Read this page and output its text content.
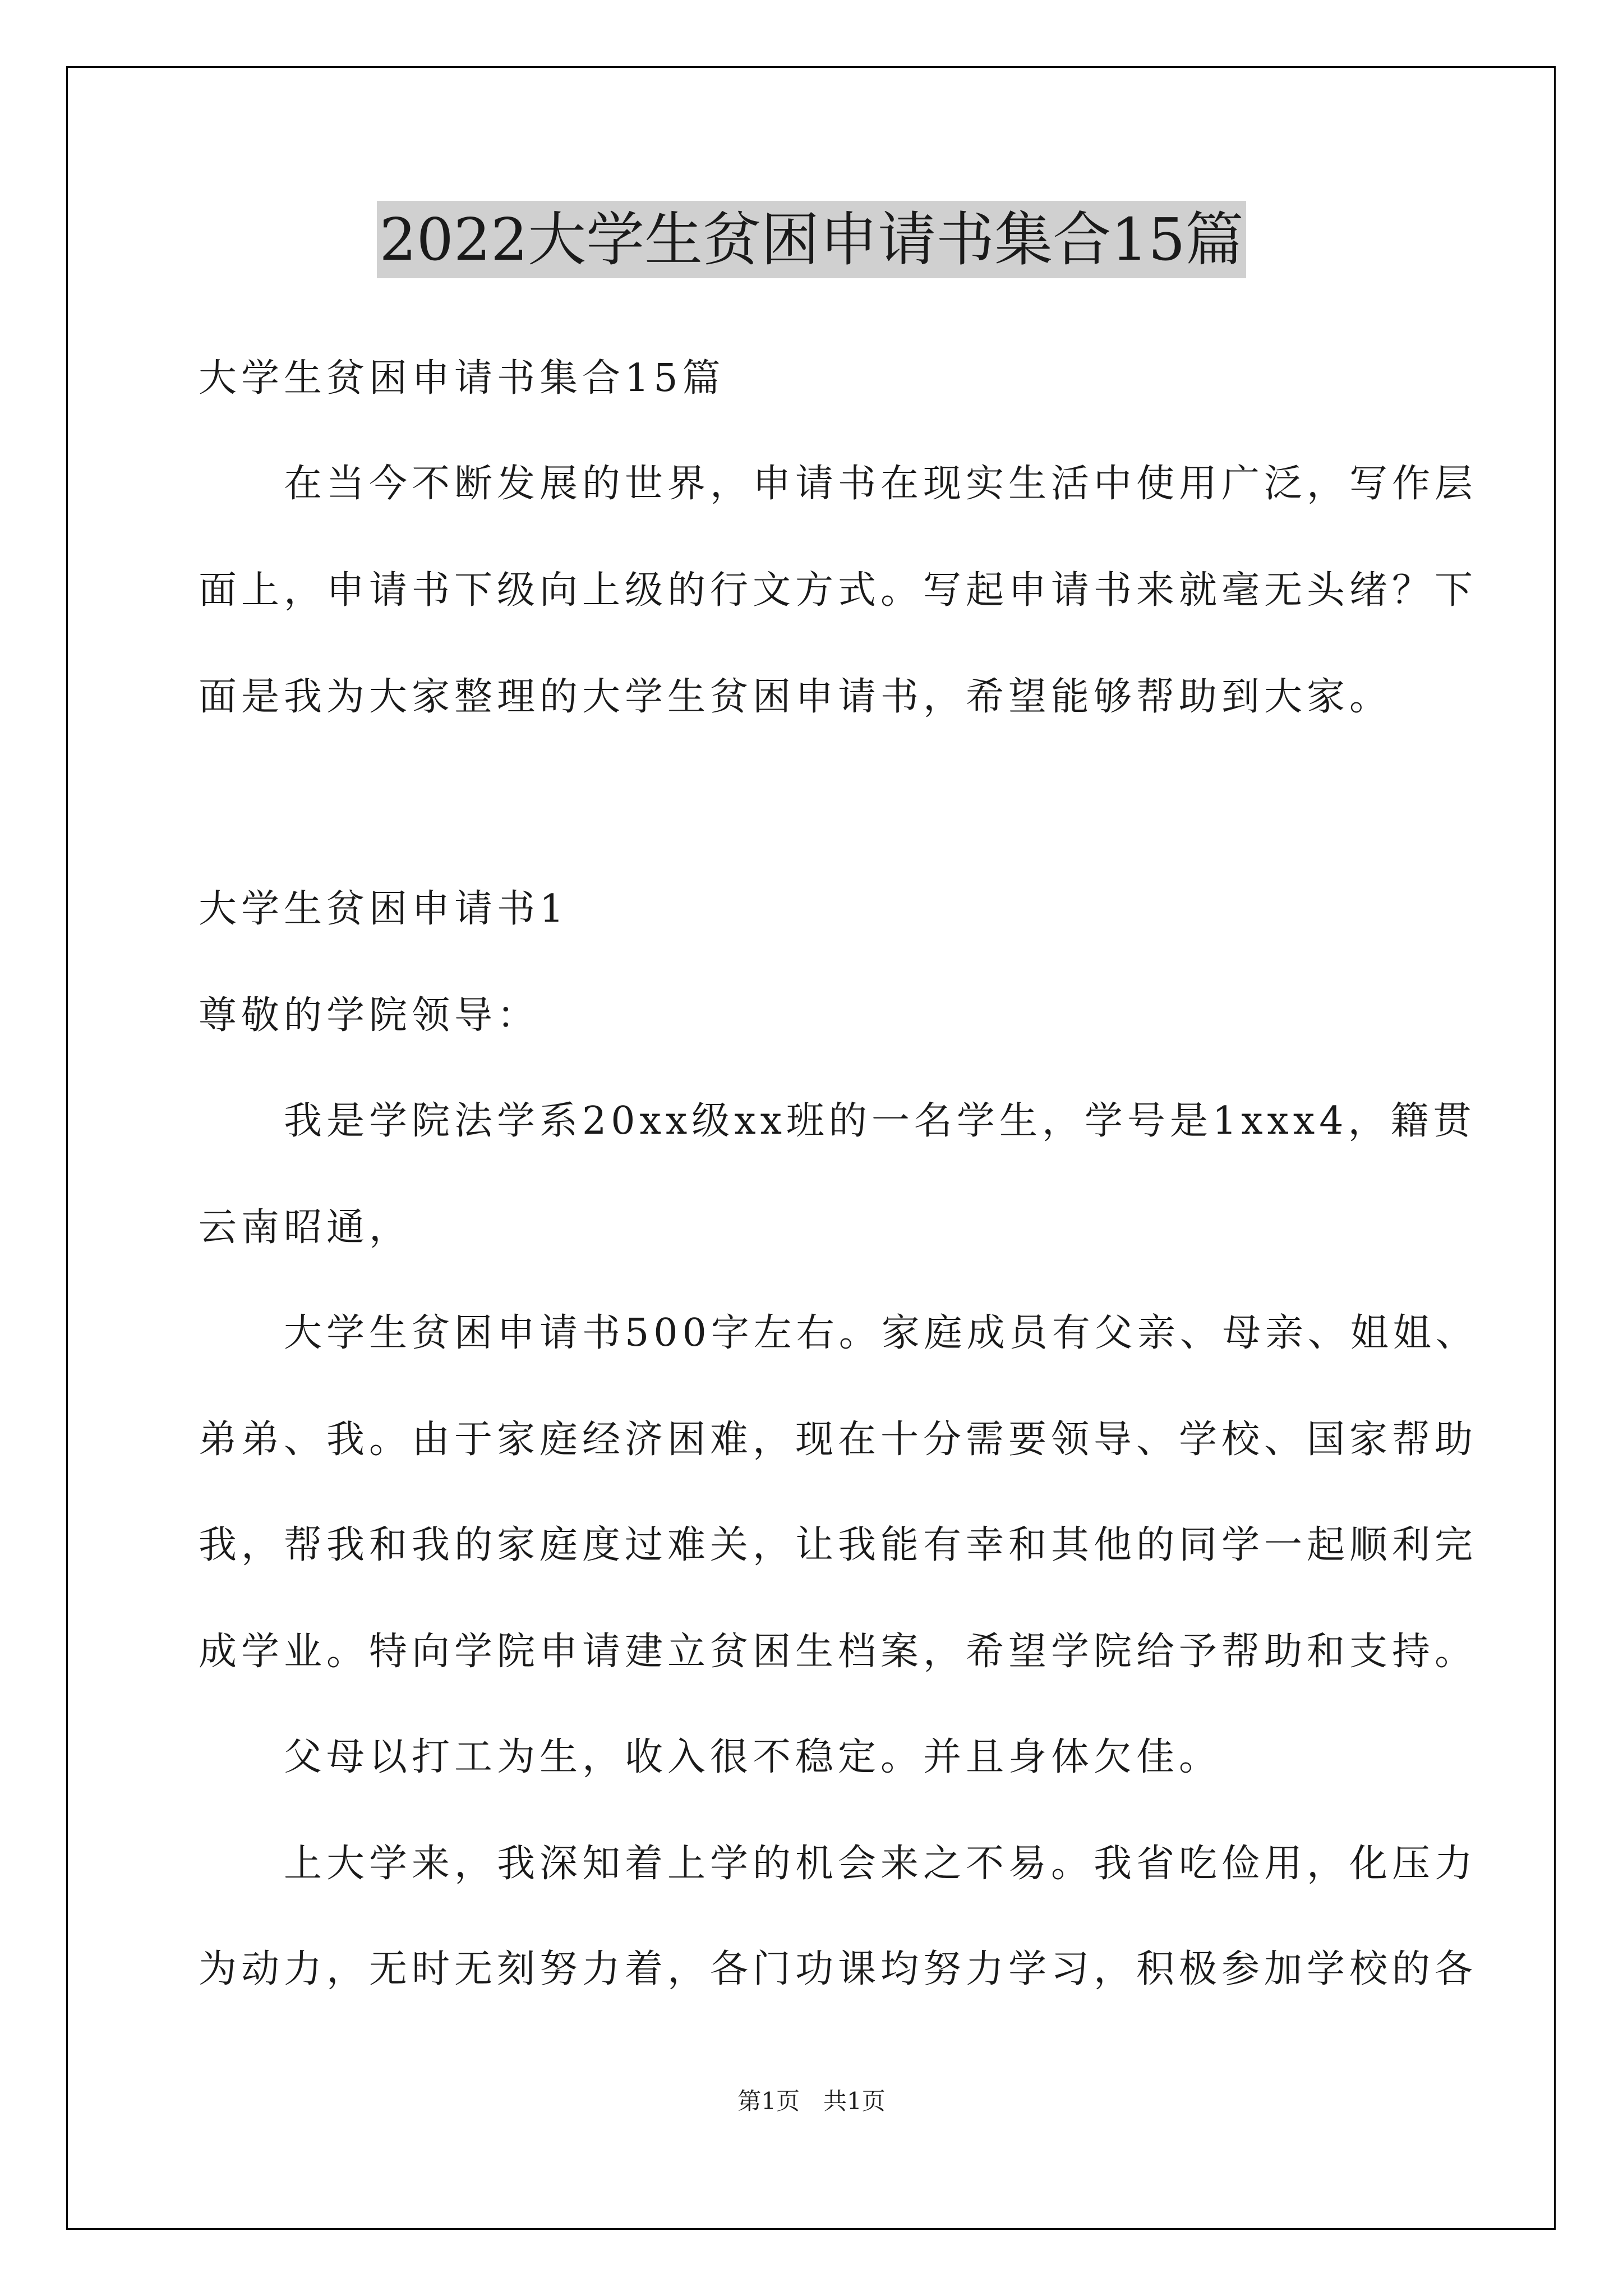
2022大学生贫困申请书集合15篇

大学生贫困申请书集合15篇

　　在当今不断发展的世界，申请书在现实生活中使用广泛，写作层

面上，申请书下级向上级的行文方式。写起申请书来就毫无头绪？下

面是我为大家整理的大学生贫困申请书，希望能够帮助到大家。

大学生贫困申请书1

尊敬的学院领导：

　　我是学院法学系20xx级xx班的一名学生，学号是1xxx4，籍贯

云南昭通，

　　大学生贫困申请书500字左右。家庭成员有父亲、母亲、姐姐、

弟弟、我。由于家庭经济困难，现在十分需要领导、学校、国家帮助

我，帮我和我的家庭度过难关，让我能有幸和其他的同学一起顺利完

成学业。特向学院申请建立贫困生档案，希望学院给予帮助和支持。

　　父母以打工为生，收入很不稳定。并且身体欠佳。

　　上大学来，我深知着上学的机会来之不易。我省吃俭用，化压力

为动力，无时无刻努力着，各门功课均努力学习，积极参加学校的各

第1页　共1页
